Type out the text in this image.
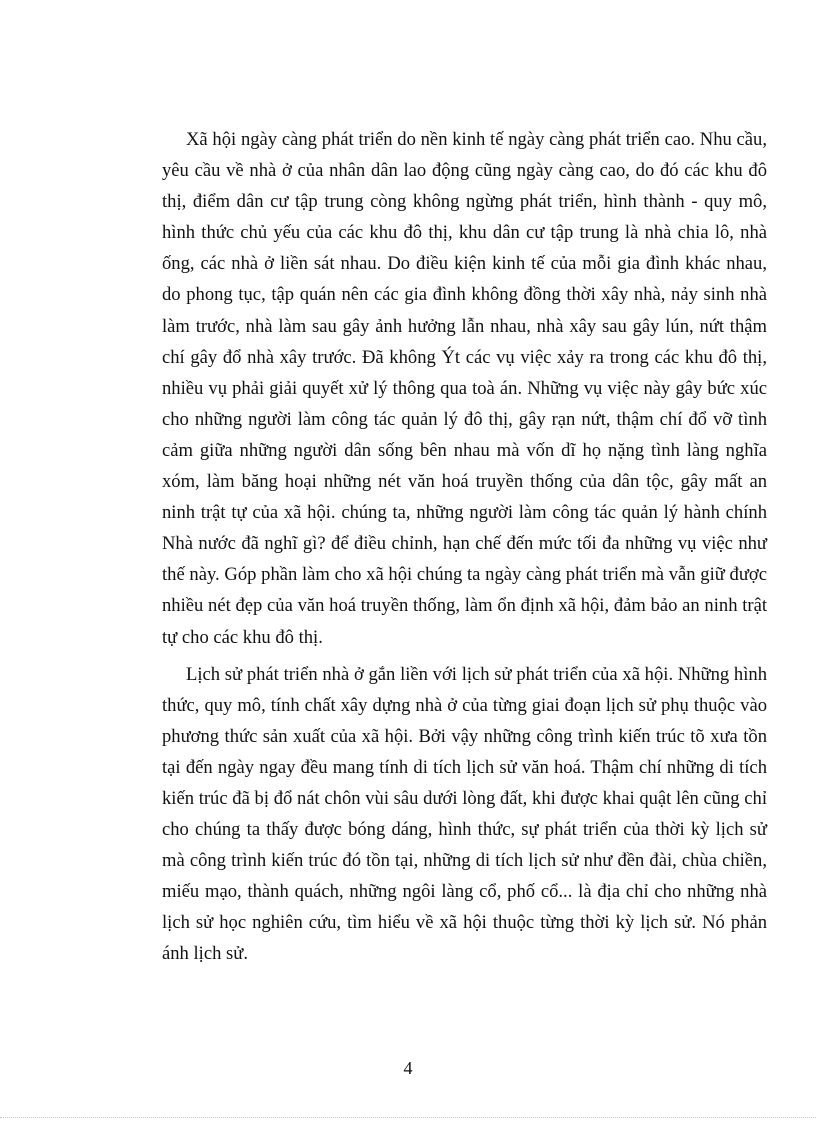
Xã hội ngày càng phát triển do nền kinh tế ngày càng phát triển cao. Nhu cầu, yêu cầu về nhà ở của nhân dân lao động cũng ngày càng cao, do đó các khu đô thị, điểm dân cư tập trung còng không ngừng phát triển, hình thành - quy mô, hình thức chủ yếu của các khu đô thị, khu dân cư tập trung là nhà chia lô, nhà ống, các nhà ở liền sát nhau. Do điều kiện kinh tế của mỗi gia đình khác nhau, do phong tục, tập quán nên các gia đình không đồng thời xây nhà, nảy sinh nhà làm trước, nhà làm sau gây ảnh hưởng lẫn nhau, nhà xây sau gây lún, nứt thậm chí gây đổ nhà xây trước. Đã không Ýt các vụ việc xảy ra trong các khu đô thị, nhiều vụ phải giải quyết xử lý thông qua toà án. Những vụ việc này gây bức xúc cho những người làm công tác quản lý đô thị, gây rạn nứt, thậm chí đổ vỡ tình cảm giữa những người dân sống bên nhau mà vốn dĩ họ nặng tình làng nghĩa xóm, làm băng hoại những nét văn hoá truyền thống của dân tộc, gây mất an ninh trật tự của xã hội. chúng ta, những người làm công tác quản lý hành chính Nhà nước đã nghĩ gì? để điều chỉnh, hạn chế đến mức tối đa những vụ việc như thế này. Góp phần làm cho xã hội chúng ta ngày càng phát triển mà vẫn giữ được nhiều nét đẹp của văn hoá truyền thống, làm ổn định xã hội, đảm bảo an ninh trật tự cho các khu đô thị.

Lịch sử phát triển nhà ở gắn liền với lịch sử phát triển của xã hội. Những hình thức, quy mô, tính chất xây dựng nhà ở của từng giai đoạn lịch sử phụ thuộc vào phương thức sản xuất của xã hội. Bởi vậy những công trình kiến trúc tõ xưa tồn tại đến ngày ngay đều mang tính di tích lịch sử văn hoá. Thậm chí những di tích kiến trúc đã bị đổ nát chôn vùi sâu dưới lòng đất, khi được khai quật lên cũng chỉ cho chúng ta thấy được bóng dáng, hình thức, sự phát triển của thời kỳ lịch sử mà công trình kiến trúc đó tồn tại, những di tích lịch sử như đền đài, chùa chiền, miếu mạo, thành quách, những ngôi làng cổ, phố cổ... là địa chỉ cho những nhà lịch sử học nghiên cứu, tìm hiểu về xã hội thuộc từng thời kỳ lịch sử. Nó phản ánh lịch sử.

4
